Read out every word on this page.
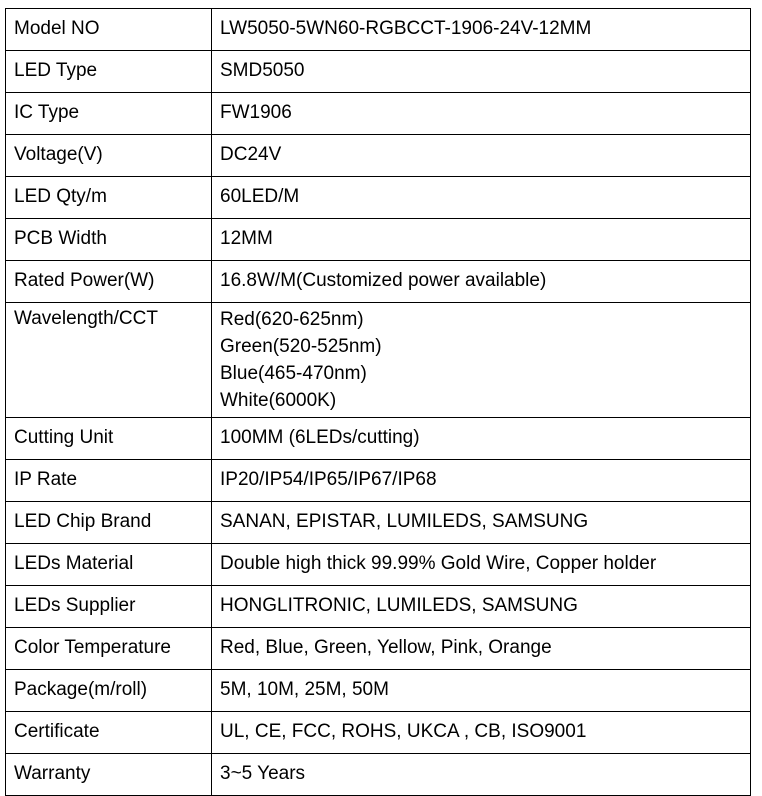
Model NO	LW5050-5WN60-RGBCCT-1906-24V-12MM
LED Type	SMD5050
IC Type	FW1906
Voltage(V)	DC24V
LED Qty/m	60LED/M
PCB Width	12MM
Rated Power(W)	16.8W/M(Customized power available)
Wavelength/CCT	Red(620-625nm)
Green(520-525nm)
Blue(465-470nm)
White(6000K)

Cutting Unit	100MM (6LEDs/cutting)
IP Rate	IP20/IP54/IP65/IP67/IP68
LED Chip Brand	SANAN, EPISTAR, LUMILEDS, SAMSUNG
LEDs Material	Double high thick 99.99% Gold Wire, Copper holder
LEDs Supplier	HONGLITRONIC, LUMILEDS, SAMSUNG
Color Temperature	Red, Blue, Green, Yellow, Pink, Orange
Package(m/roll)	5M, 10M, 25M, 50M
Certificate	UL, CE, FCC, ROHS, UKCA , CB, ISO9001
Warranty	3~5 Years
